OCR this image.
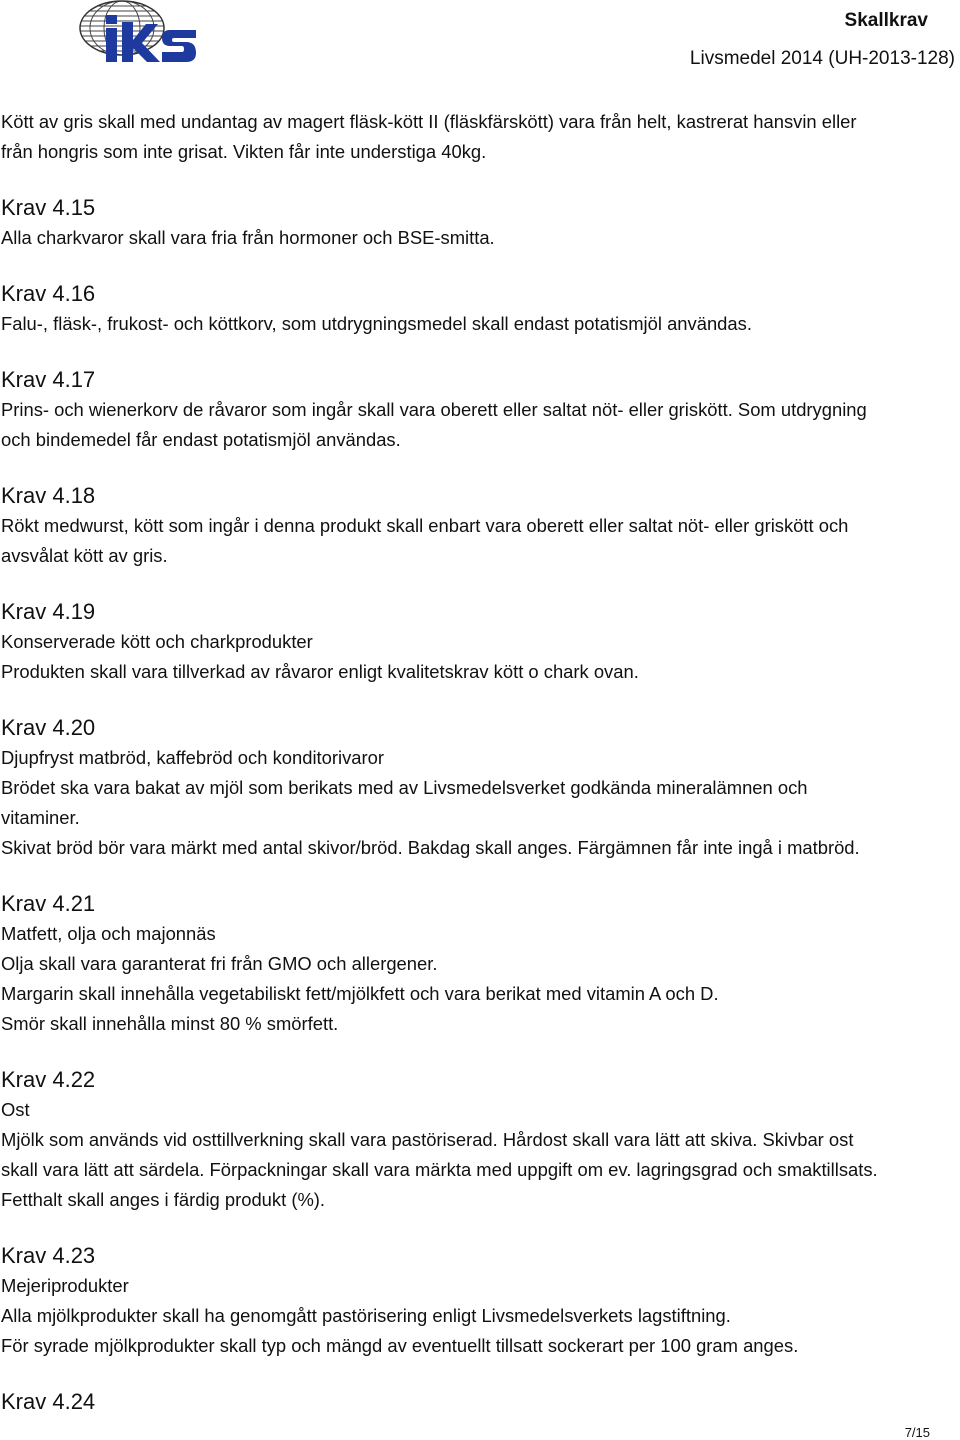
Skallkrav
Livsmedel 2014 (UH-2013-128)
Kött av gris skall med undantag av magert fläsk-kött II (fläskfärskött) vara från helt, kastrerat hansvin eller
från hongris som inte grisat. Vikten får inte understiga 40kg.
Krav 4.15
Alla charkvaror skall vara fria från hormoner och BSE-smitta.
Krav 4.16
Falu-, fläsk-, frukost- och köttkorv, som utdrygningsmedel skall endast potatismjöl användas.
Krav 4.17
Prins- och wienerkorv de råvaror som ingår skall vara oberett eller saltat nöt- eller griskött. Som utdrygning
och bindemedel får endast potatismjöl användas.
Krav 4.18
Rökt medwurst, kött som ingår i denna produkt skall enbart vara oberett eller saltat nöt- eller griskött och
avsvålat kött av gris.
Krav 4.19
Konserverade kött och charkprodukter
Produkten skall vara tillverkad av råvaror enligt kvalitetskrav kött o chark ovan.
Krav 4.20
Djupfryst matbröd, kaffebröd och konditorivaror
Brödet ska vara bakat av mjöl som berikats med av Livsmedelsverket godkända mineralämnen och
vitaminer.
Skivat bröd bör vara märkt med antal skivor/bröd. Bakdag skall anges. Färgämnen får inte ingå i matbröd.
Krav 4.21
Matfett, olja och majonnäs
Olja skall vara garanterat fri från GMO och allergener.
Margarin skall innehålla vegetabiliskt fett/mjölkfett och vara berikat med vitamin A och D.
Smör skall innehålla minst 80 % smörfett.
Krav 4.22
Ost
Mjölk som används vid osttillverkning skall vara pastöriserad. Hårdost skall vara lätt att skiva. Skivbar ost
skall vara lätt att särdela. Förpackningar skall vara märkta med uppgift om ev. lagringsgrad och smaktillsats.
Fetthalt skall anges i färdig produkt (%).
Krav 4.23
Mejeriprodukter
Alla mjölkprodukter skall ha genomgått pastörisering enligt Livsmedelsverkets lagstiftning.
För syrade mjölkprodukter skall typ och mängd av eventuellt tillsatt sockerart per 100 gram anges.
Krav 4.24
7/15
